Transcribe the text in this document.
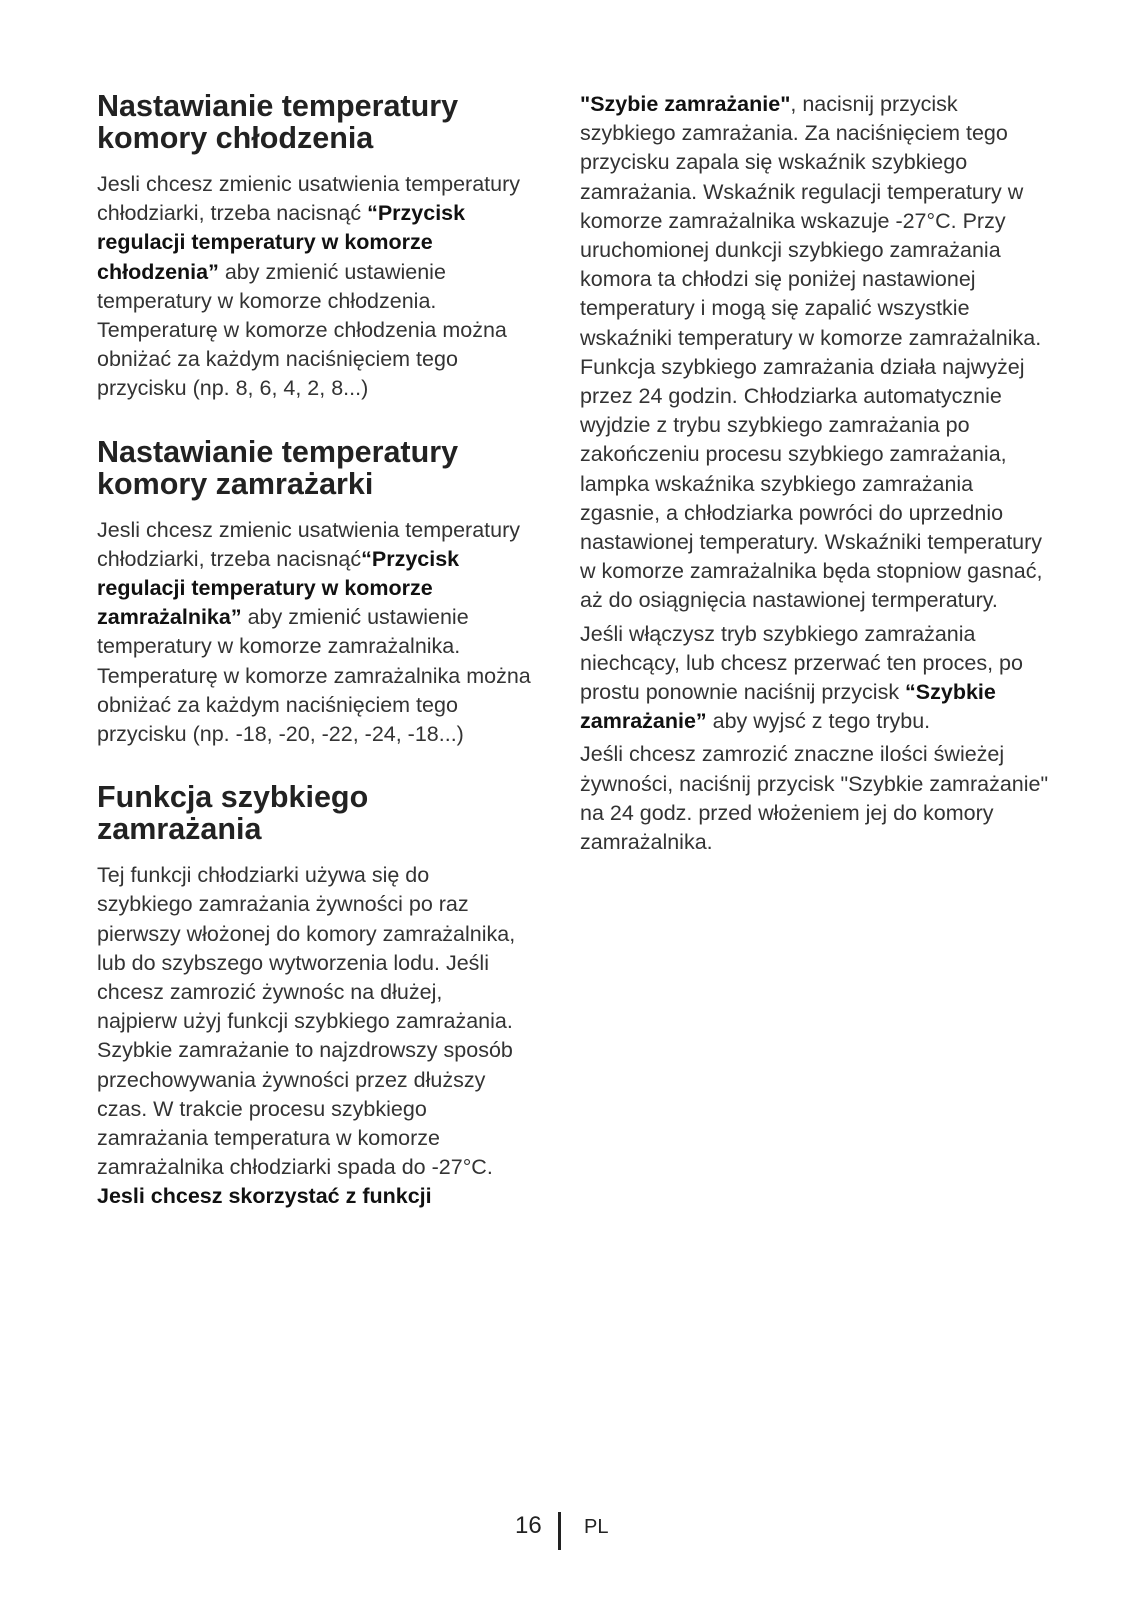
Nastawianie temperatury komory chłodzenia

Jesli chcesz zmienic usatwienia temperatury chłodziarki, trzeba nacisnąć “Przycisk regulacji temperatury w komorze chłodzenia” aby zmienić ustawienie temperatury w komorze chłodzenia. Temperaturę w komorze chłodzenia można obniżać za każdym naciśnięciem tego przycisku (np. 8, 6, 4, 2, 8...)

Nastawianie temperatury komory zamrażarki

Jesli chcesz zmienic usatwienia temperatury chłodziarki, trzeba nacisnąć“Przycisk regulacji temperatury w komorze zamrażalnika” aby zmienić ustawienie temperatury w komorze zamrażalnika. Temperaturę w komorze zamrażalnika można obniżać za każdym naciśnięciem tego przycisku (np. -18, -20, -22, -24, -18...)

Funkcja szybkiego zamrażania

Tej funkcji chłodziarki używa się do szybkiego zamrażania żywności po raz pierwszy włożonej do komory zamrażalnika, lub do szybszego wytworzenia lodu. Jeśli chcesz zamrozić żywnośc na dłużej, najpierw użyj funkcji szybkiego zamrażania. Szybkie zamrażanie to najzdrowszy sposób przechowywania żywności przez dłuższy czas. W trakcie procesu szybkiego zamrażania temperatura w komorze zamrażalnika chłodziarki spada do -27°C. Jesli chcesz skorzystać z funkcji

"Szybie zamrażanie", nacisnij przycisk szybkiego zamrażania. Za naciśnięciem tego przycisku zapala się wskaźnik szybkiego zamrażania. Wskaźnik regulacji temperatury w komorze zamrażalnika wskazuje -27°C. Przy uruchomionej dunkcji szybkiego zamrażania komora ta chłodzi się poniżej nastawionej temperatury i mogą się zapalić wszystkie wskaźniki temperatury w komorze zamrażalnika. Funkcja szybkiego zamrażania działa najwyżej przez 24 godzin. Chłodziarka automatycznie wyjdzie z trybu szybkiego zamrażania po zakończeniu procesu szybkiego zamrażania, lampka wskaźnika szybkiego zamrażania zgasnie, a chłodziarka powróci do uprzednio nastawionej temperatury. Wskaźniki temperatury w komorze zamrażalnika będa stopniow gasnać, aż do osiągnięcia nastawionej termperatury.

Jeśli włączysz tryb szybkiego zamrażania niechcący, lub chcesz przerwać ten proces, po prostu ponownie naciśnij przycisk “Szybkie zamrażanie” aby wyjsć z tego trybu.

Jeśli chcesz zamrozić znaczne ilości świeżej żywności, naciśnij przycisk "Szybkie zamrażanie" na 24 godz. przed włożeniem jej do komory zamrażalnika.

16 PL
